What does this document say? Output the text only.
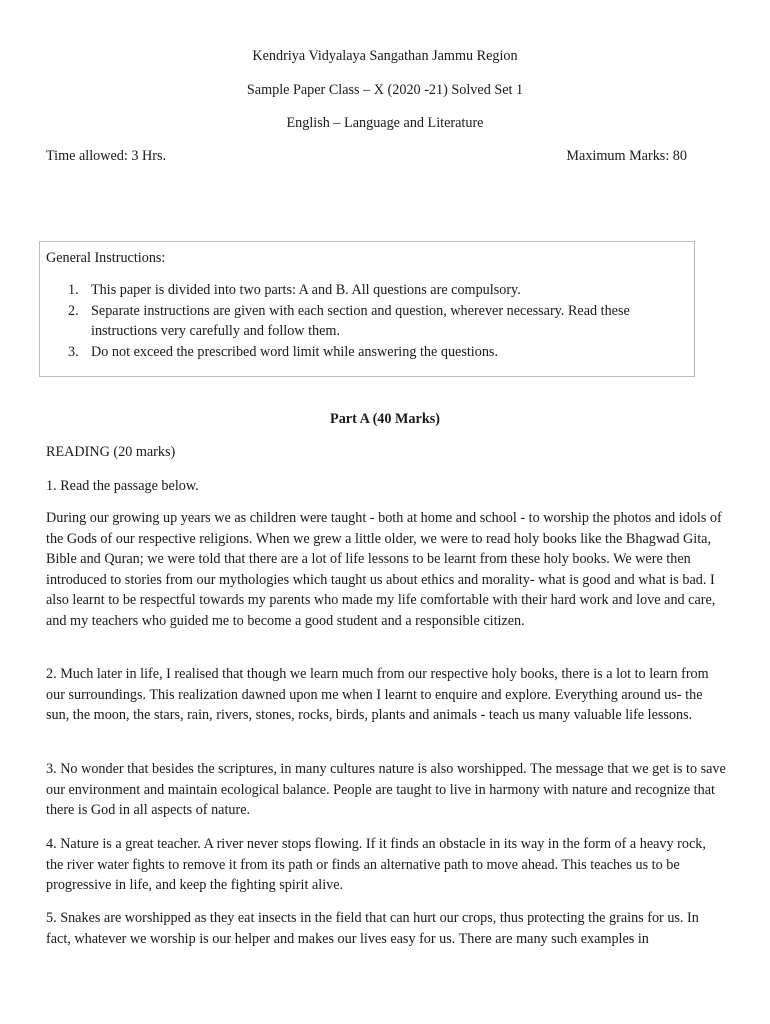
Kendriya Vidyalaya Sangathan Jammu Region
Sample Paper Class – X (2020 -21) Solved Set 1
English – Language and Literature
Time allowed: 3 Hrs.	Maximum Marks: 80
General Instructions:
1. This paper is divided into two parts: A and B. All questions are compulsory.
2. Separate instructions are given with each section and question, wherever necessary. Read these instructions very carefully and follow them.
3. Do not exceed the prescribed word limit while answering the questions.
Part A (40 Marks)
READING (20 marks)
1. Read the passage below.

During our growing up years we as children were taught - both at home and school - to worship the photos and idols of the Gods of our respective religions. When we grew a little older, we were to read holy books like the Bhagwad Gita, Bible and Quran; we were told that there are a lot of life lessons to be learnt from these holy books. We were then introduced to stories from our mythologies which taught us about ethics and morality- what is good and what is bad. I also learnt to be respectful towards my parents who made my life comfortable with their hard work and love and care, and my teachers who guided me to become a good student and a responsible citizen.

2. Much later in life, I realised that though we learn much from our respective holy books, there is a lot to learn from our surroundings. This realization dawned upon me when I learnt to enquire and explore. Everything around us- the sun, the moon, the stars, rain, rivers, stones, rocks, birds, plants and animals - teach us many valuable life lessons.

3. No wonder that besides the scriptures, in many cultures nature is also worshipped. The message that we get is to save our environment and maintain ecological balance. People are taught to live in harmony with nature and recognize that there is God in all aspects of nature.

4. Nature is a great teacher. A river never stops flowing. If it finds an obstacle in its way in the form of a heavy rock, the river water fights to remove it from its path or finds an alternative path to move ahead. This teaches us to be progressive in life, and keep the fighting spirit alive.

5. Snakes are worshipped as they eat insects in the field that can hurt our crops, thus protecting the grains for us. In fact, whatever we worship is our helper and makes our lives easy for us. There are many such examples in
